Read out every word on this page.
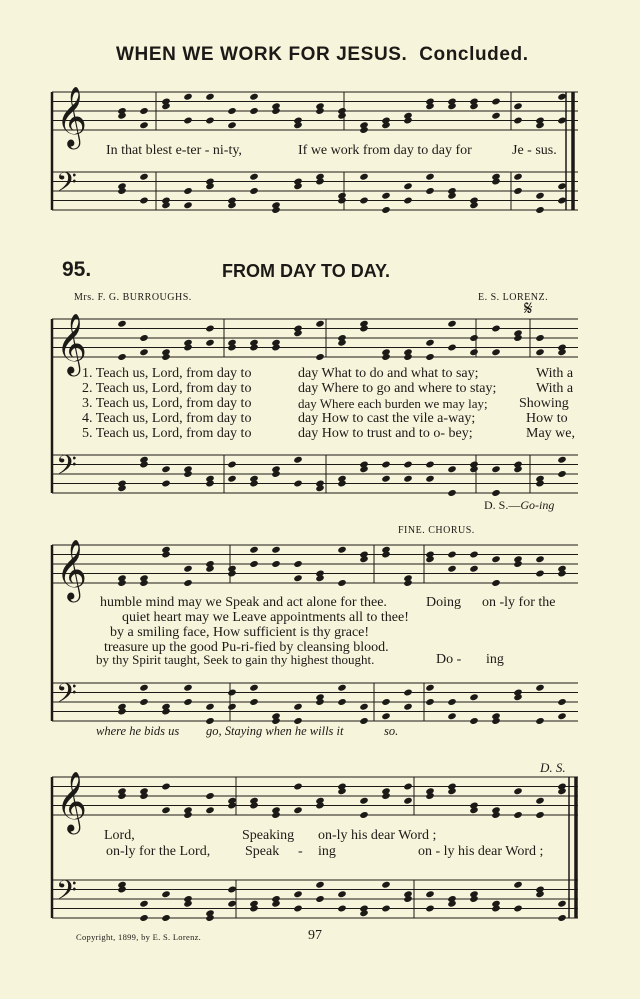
𝄞
𝄢
𝄞
𝄢
𝄞
𝄢
𝄞
𝄢
WHEN WE WORK FOR JESUS. Concluded.
In that blest e-ter - ni-ty,	If we work from day to day for	Je - sus.
95.	FROM DAY TO DAY.
Mrs. F. G. BURROUGHS.	E. S. LORENZ.
𝄋
1. Teach us, Lord, from day to	day What to do and what to say;	With a
2. Teach us, Lord, from day to	day Where to go and where to stay;	With a
3. Teach us, Lord, from day to	day Where each burden we may lay; Showing
4. Teach us, Lord, from day to	day How to cast the vile a-way;	How to
5. Teach us, Lord, from day to	day How to trust and to o- bey;	May we,
D. S.—Go-ing
FINE. CHORUS.
humble mind may we Speak and act alone for thee.	Doing on -ly for the
quiet heart may we Leave appointments all to thee!
by a smiling face, How sufficient is thy grace!
treasure up the good Pu-ri-fied by cleansing blood.
by thy Spirit taught, Seek to gain thy highest thought.	Do - ing
where he bids us go, Staying when he wills it	so.
D. S.
Lord,	Speaking on-ly his dear Word ;
on-ly for the Lord, Speak - ing	on - ly his dear Word ;
Copyright, 1899, by E. S. Lorenz.	97
